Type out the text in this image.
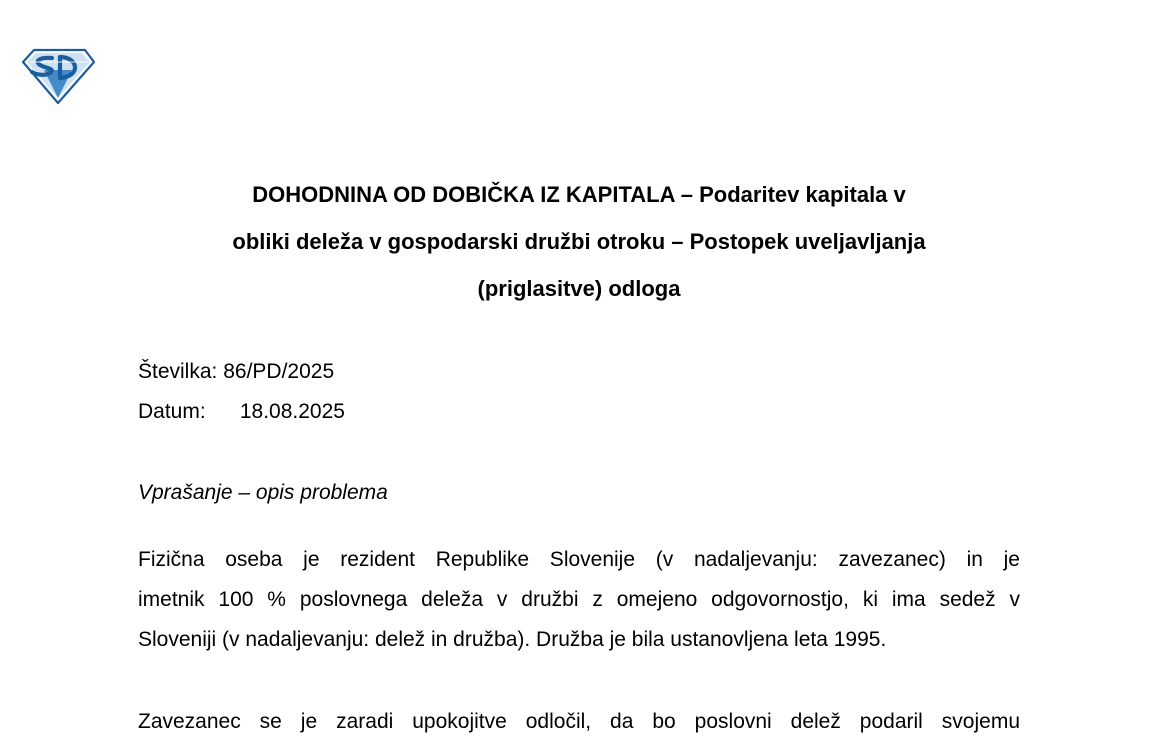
DOHODNINA OD DOBIČKA IZ KAPITALA – Podaritev kapitala v
obliki deleža v gospodarski družbi otroku – Postopek uveljavljanja
(priglasitve) odloga
Številka: 86/PD/2025
Datum: 18.08.2025
Vprašanje – opis problema
Fizična oseba je rezident Republike Slovenije (v nadaljevanju: zavezanec) in je
imetnik 100 % poslovnega deleža v družbi z omejeno odgovornostjo, ki ima sedež v
Sloveniji (v nadaljevanju: delež in družba). Družba je bila ustanovljena leta 1995.
Zavezanec se je zaradi upokojitve odločil, da bo poslovni delež podaril svojemu
